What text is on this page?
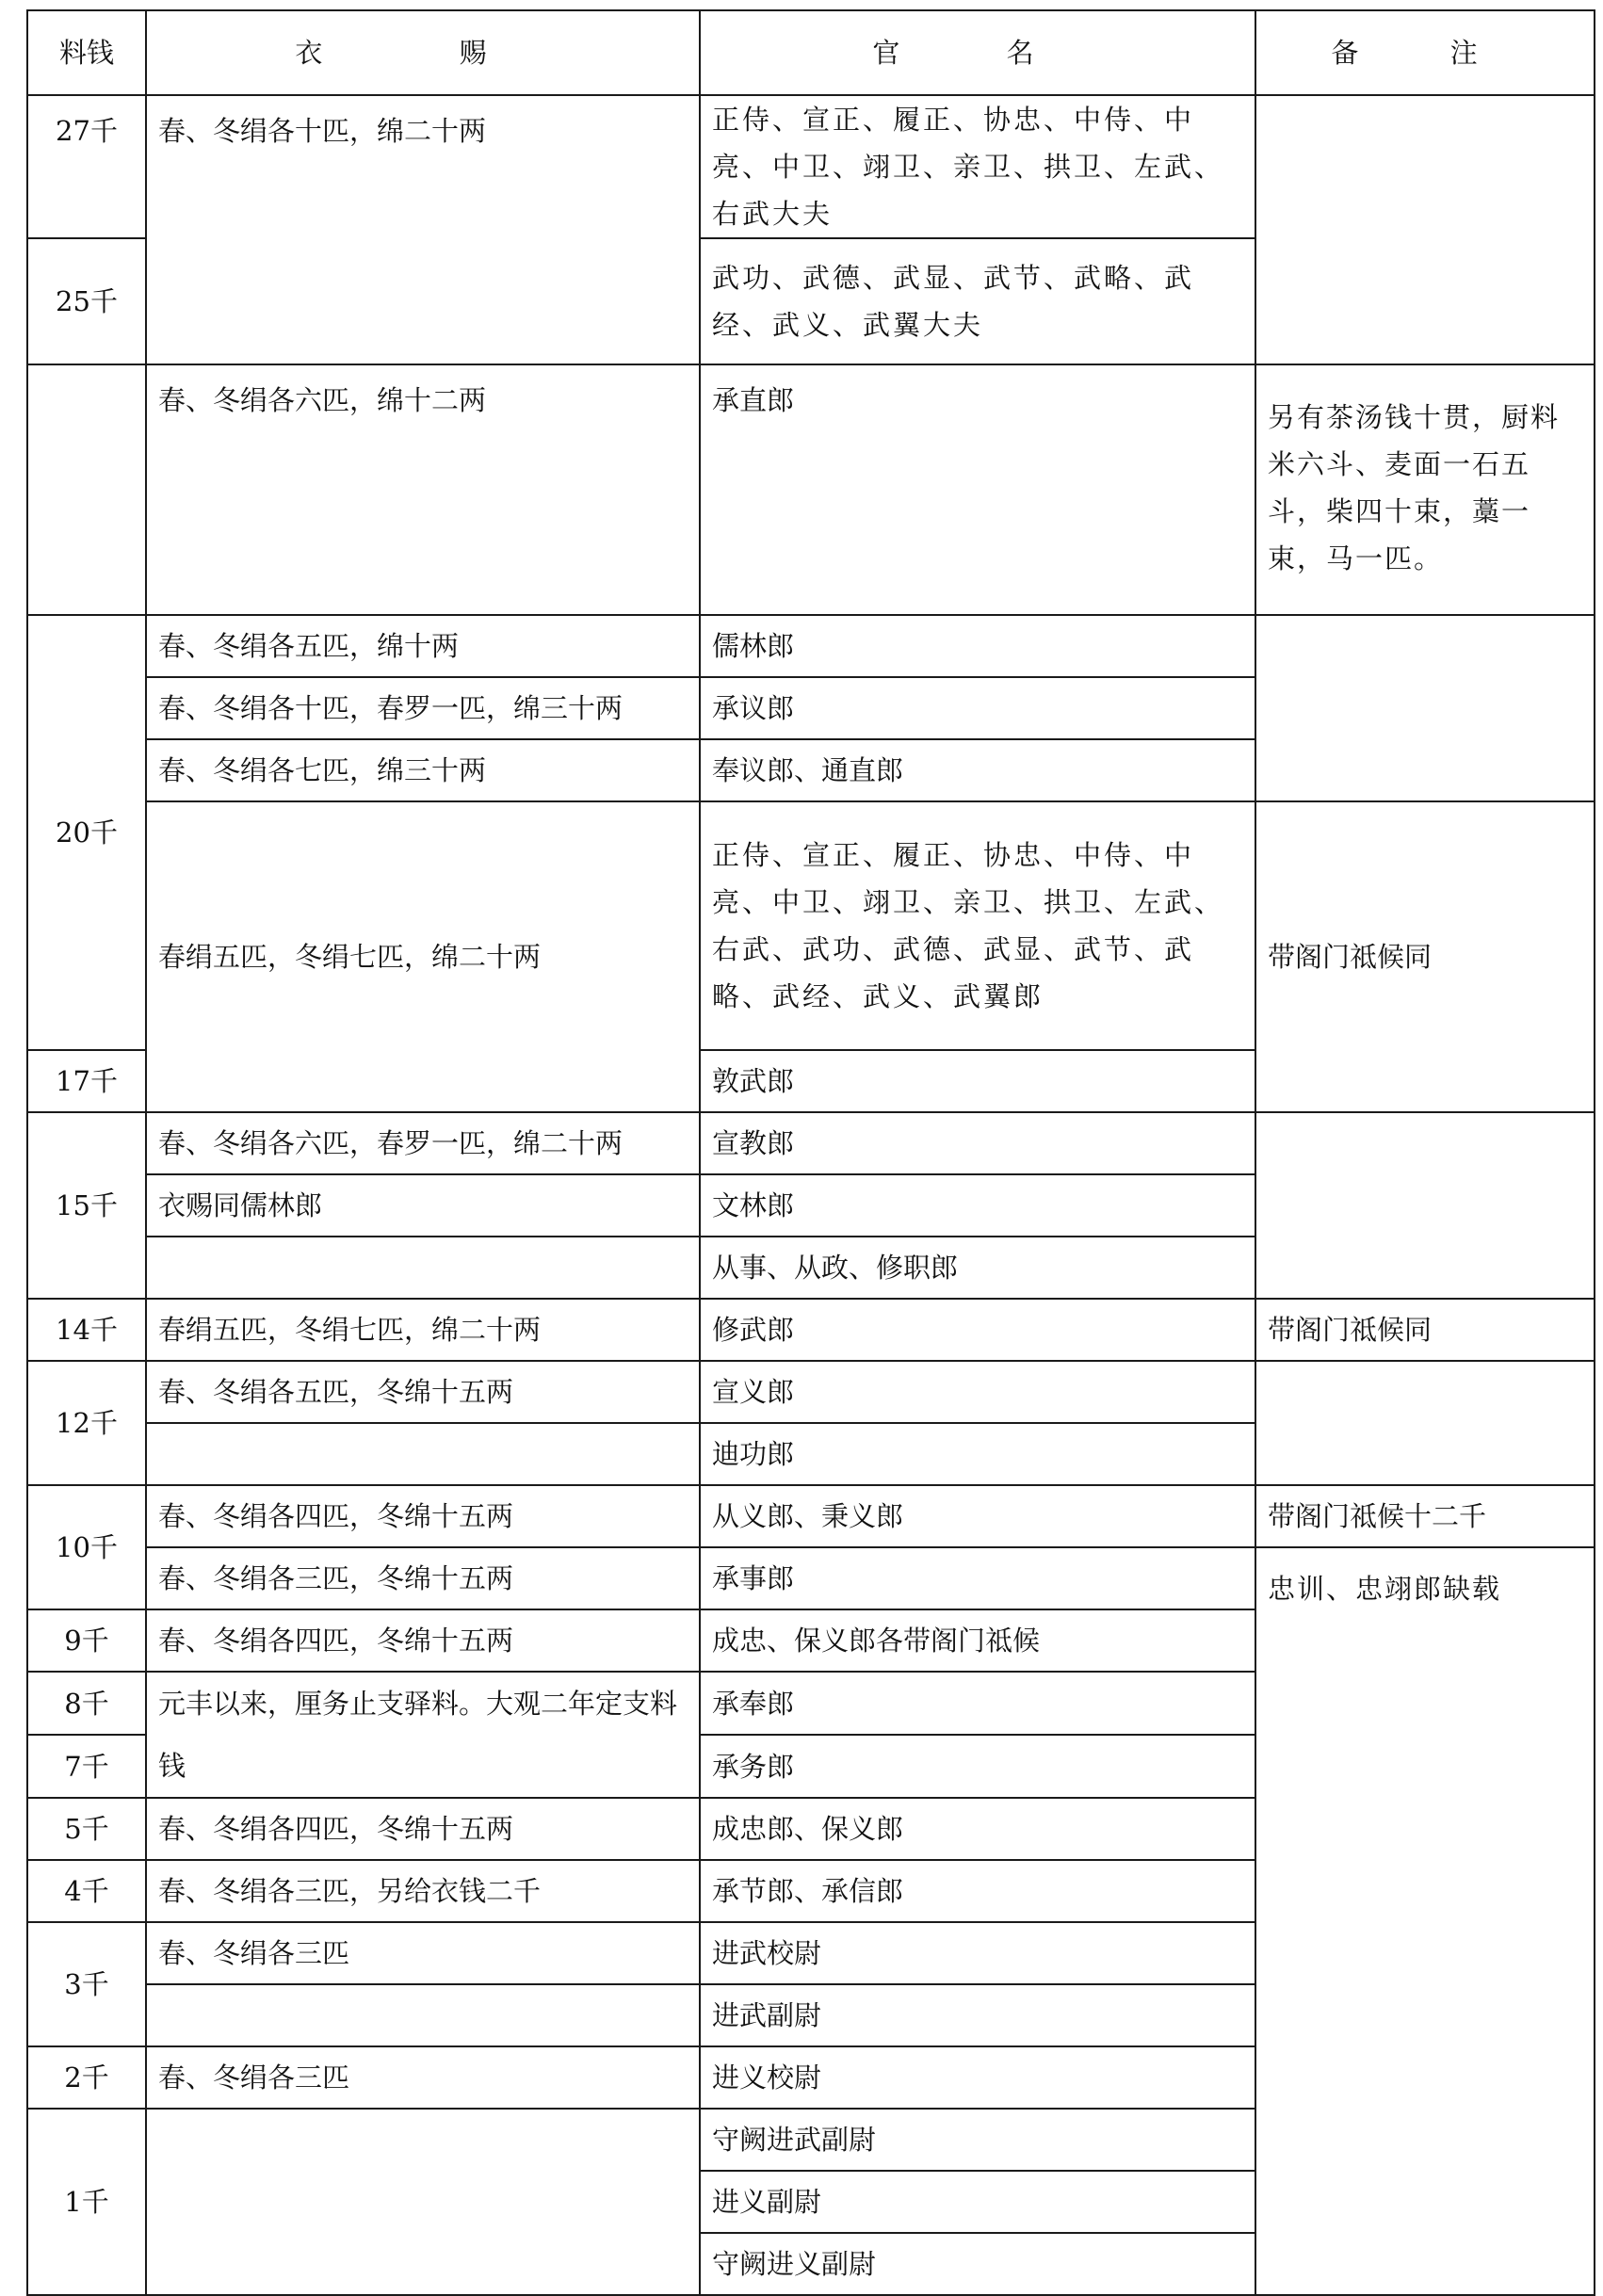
料钱	衣 赐	官 名	备 注
27千	春、冬绢各十匹，绵二十两	正侍、宣正、履正、协忠、中侍、中亮、中卫、翊卫、亲卫、拱卫、左武、右武大夫	
25千		武功、武德、武显、武节、武略、武经、武义、武翼大夫	
	春、冬绢各六匹，绵十二两	承直郎	另有茶汤钱十贯，厨料米六斗、麦面一石五斗，柴四十束，藁一束，马一匹。
20千	春、冬绢各五匹，绵十两	儒林郎	
	春、冬绢各十匹，春罗一匹，绵三十两	承议郎	
	春、冬绢各七匹，绵三十两	奉议郎、通直郎	
	春绢五匹，冬绢七匹，绵二十两	正侍、宣正、履正、协忠、中侍、中亮、中卫、翊卫、亲卫、拱卫、左武、右武、武功、武德、武显、武节、武略、武经、武义、武翼郎	带阁门祗候同
17千		敦武郎	
15千	春、冬绢各六匹，春罗一匹，绵二十两	宣教郎	
	衣赐同儒林郎	文林郎	
		从事、从政、修职郎	
14千	春绢五匹，冬绢七匹，绵二十两	修武郎	带阁门祗候同
12千	春、冬绢各五匹，冬绵十五两	宣义郎	
		迪功郎	
10千	春、冬绢各四匹，冬绵十五两	从义郎、秉义郎	带阁门祗候十二千
	春、冬绢各三匹，冬绵十五两	承事郎	忠训、忠翊郎缺载
9千	春、冬绢各四匹，冬绵十五两	成忠、保义郎各带阁门祗候	
8千	元丰以来，厘务止支驿料。大观二年定支料钱	承奉郎	
7千		承务郎	
5千	春、冬绢各四匹，冬绵十五两	成忠郎、保义郎	
4千	春、冬绢各三匹，另给衣钱二千	承节郎、承信郎	
3千	春、冬绢各三匹	进武校尉	
		进武副尉	
2千	春、冬绢各三匹	进义校尉	
1千		守阙进武副尉	
		进义副尉	
		守阙进义副尉	
